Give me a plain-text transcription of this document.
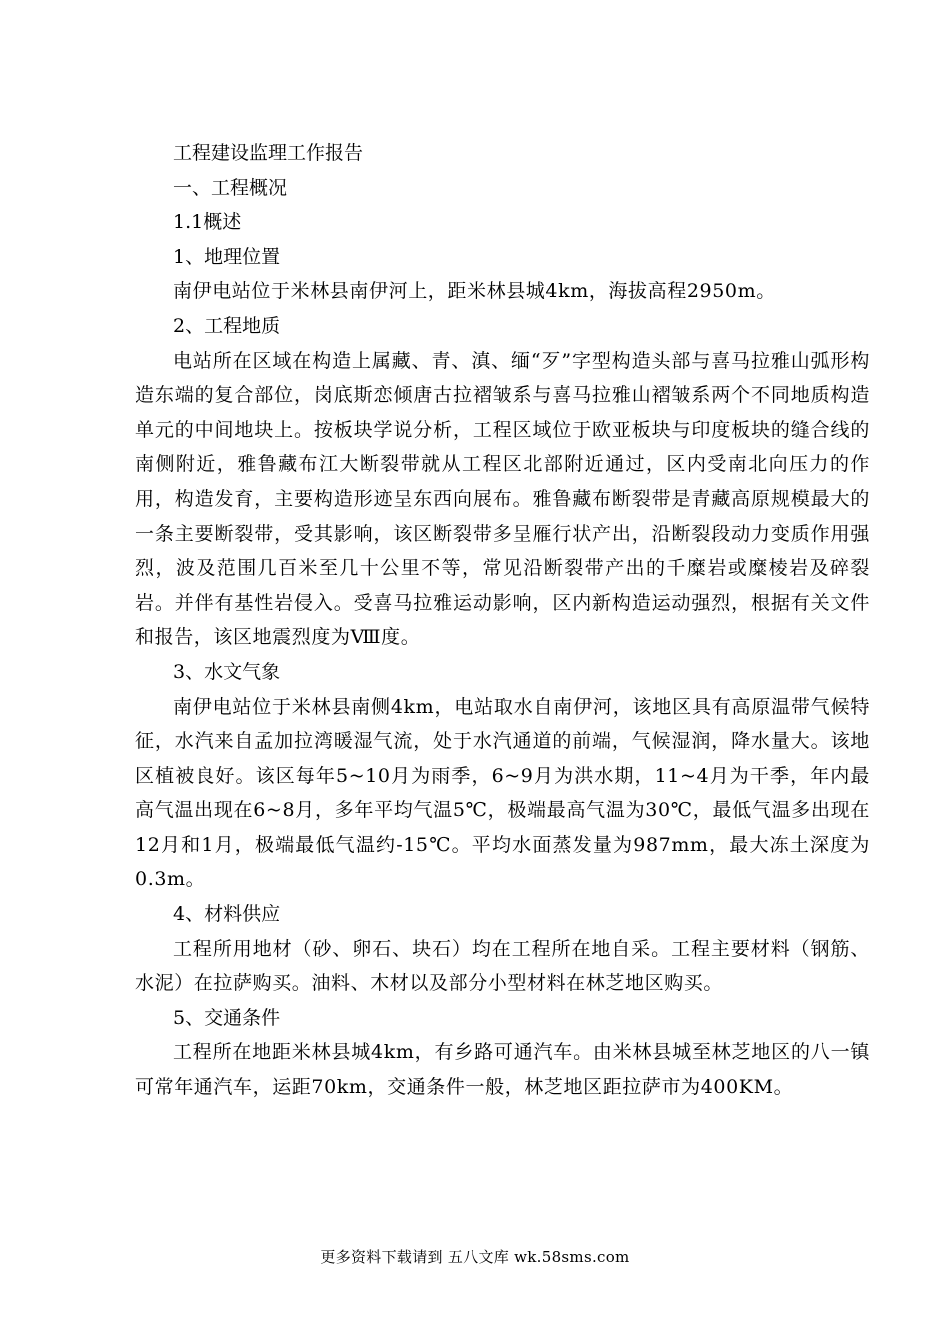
工程建设监理工作报告
一、工程概况
1.1概述
1、地理位置
南伊电站位于米林县南伊河上，距米林县城4km，海拔高程2950m。
2、工程地质
电站所在区域在构造上属藏、青、滇、缅“歹”字型构造头部与喜马拉雅山弧形构造东端的复合部位，岗底斯恋倾唐古拉褶皱系与喜马拉雅山褶皱系两个不同地质构造单元的中间地块上。按板块学说分析，工程区域位于欧亚板块与印度板块的缝合线的南侧附近，雅鲁藏布江大断裂带就从工程区北部附近通过，区内受南北向压力的作用，构造发育，主要构造形迹呈东西向展布。雅鲁藏布断裂带是青藏高原规模最大的一条主要断裂带，受其影响，该区断裂带多呈雁行状产出，沿断裂段动力变质作用强烈，波及范围几百米至几十公里不等，常见沿断裂带产出的千糜岩或糜棱岩及碎裂岩。并伴有基性岩侵入。受喜马拉雅运动影响，区内新构造运动强烈，根据有关文件和报告，该区地震烈度为Ⅷ度。
3、水文气象
南伊电站位于米林县南侧4km，电站取水自南伊河，该地区具有高原温带气候特征，水汽来自孟加拉湾暖湿气流，处于水汽通道的前端，气候湿润，降水量大。该地区植被良好。该区每年5~10月为雨季，6~9月为洪水期，11~4月为干季，年内最高气温出现在6~8月，多年平均气温5℃，极端最高气温为30℃，最低气温多出现在12月和1月，极端最低气温约-15℃。平均水面蒸发量为987mm，最大冻土深度为0.3m。
4、材料供应
工程所用地材（砂、卵石、块石）均在工程所在地自采。工程主要材料（钢筋、水泥）在拉萨购买。油料、木材以及部分小型材料在林芝地区购买。
5、交通条件
工程所在地距米林县城4km，有乡路可通汽车。由米林县城至林芝地区的八一镇可常年通汽车，运距70km，交通条件一般，林芝地区距拉萨市为400KM。
更多资料下载请到 五八文库 wk.58sms.com
